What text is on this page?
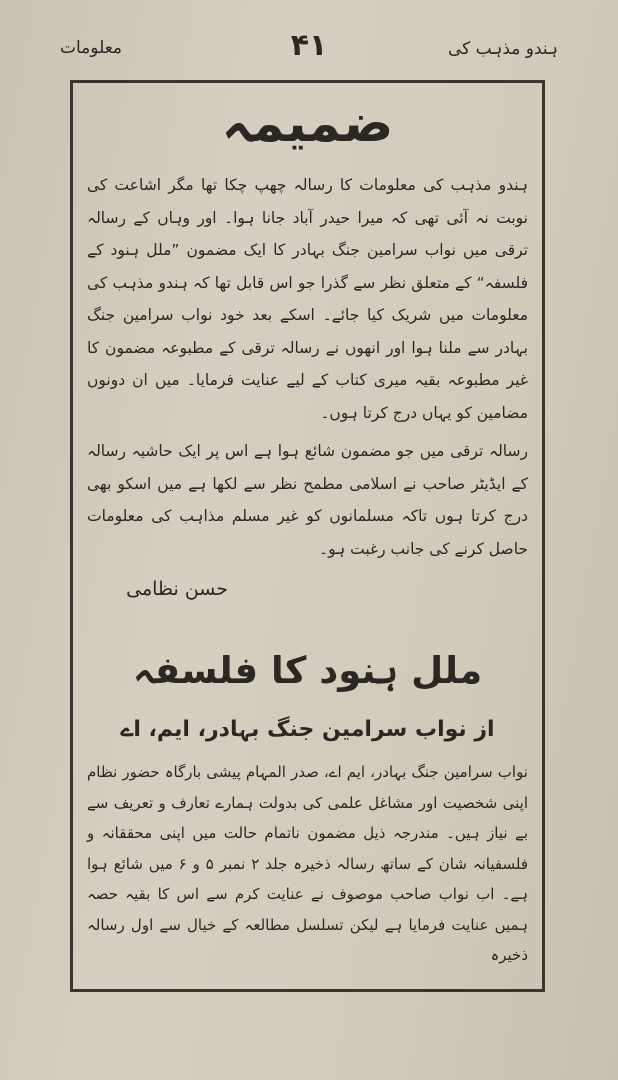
ہندو مذہب کی
۴۱
معلومات
ضمیمہ

ہندو مذہب کی معلومات کا رسالہ چھپ چکا تھا مگر اشاعت کی نوبت نہ آئی تھی کہ میرا حیدر آباد جانا ہوا۔ اور وہاں کے رسالہ ترقی میں نواب سرامین جنگ بہادر کا ایک مضمون ”ملل ہنود کے فلسفہ“ کے متعلق نظر سے گذرا جو اس قابل تھا کہ ہندو مذہب کی معلومات میں شریک کیا جائے۔ اسکے بعد خود نواب سرامین جنگ بہادر سے ملنا ہوا اور انھوں نے رسالہ ترقی کے مطبوعہ مضمون کا غیر مطبوعہ بقیہ میری کتاب کے لیے عنایت فرمایا۔ میں ان دونوں مضامین کو یہاں درج کرتا ہوں۔

رسالہ ترقی میں جو مضمون شائع ہوا ہے اس پر ایک حاشیہ رسالہ کے ایڈیٹر صاحب نے اسلامی مطمح نظر سے لکھا ہے میں اسکو بھی درج کرتا ہوں تاکہ مسلمانوں کو غیر مسلم مذاہب کی معلومات حاصل کرنے کی جانب رغبت ہو۔

حسن نظامی
ملل ہنود کا فلسفہ
از نواب سرامین جنگ بہادر، ایم، اے

نواب سرامین جنگ بہادر، ایم اے، صدر المہام پیشی بارگاہ حضور نظام اپنی شخصیت اور مشاغل علمی کی بدولت ہمارے تعارف و تعریف سے بے نیاز ہیں۔ مندرجہ ذیل مضمون ناتمام حالت میں اپنی محققانہ و فلسفیانہ شان کے ساتھ رسالہ ذخیرہ جلد ۲ نمبر ۵ و ۶ میں شائع ہوا ہے۔ اب نواب صاحب موصوف نے عنایت کرم سے اس کا بقیہ حصہ ہمیں عنایت فرمایا ہے لیکن تسلسل مطالعہ کے خیال سے اول رسالہ ذخیرہ
